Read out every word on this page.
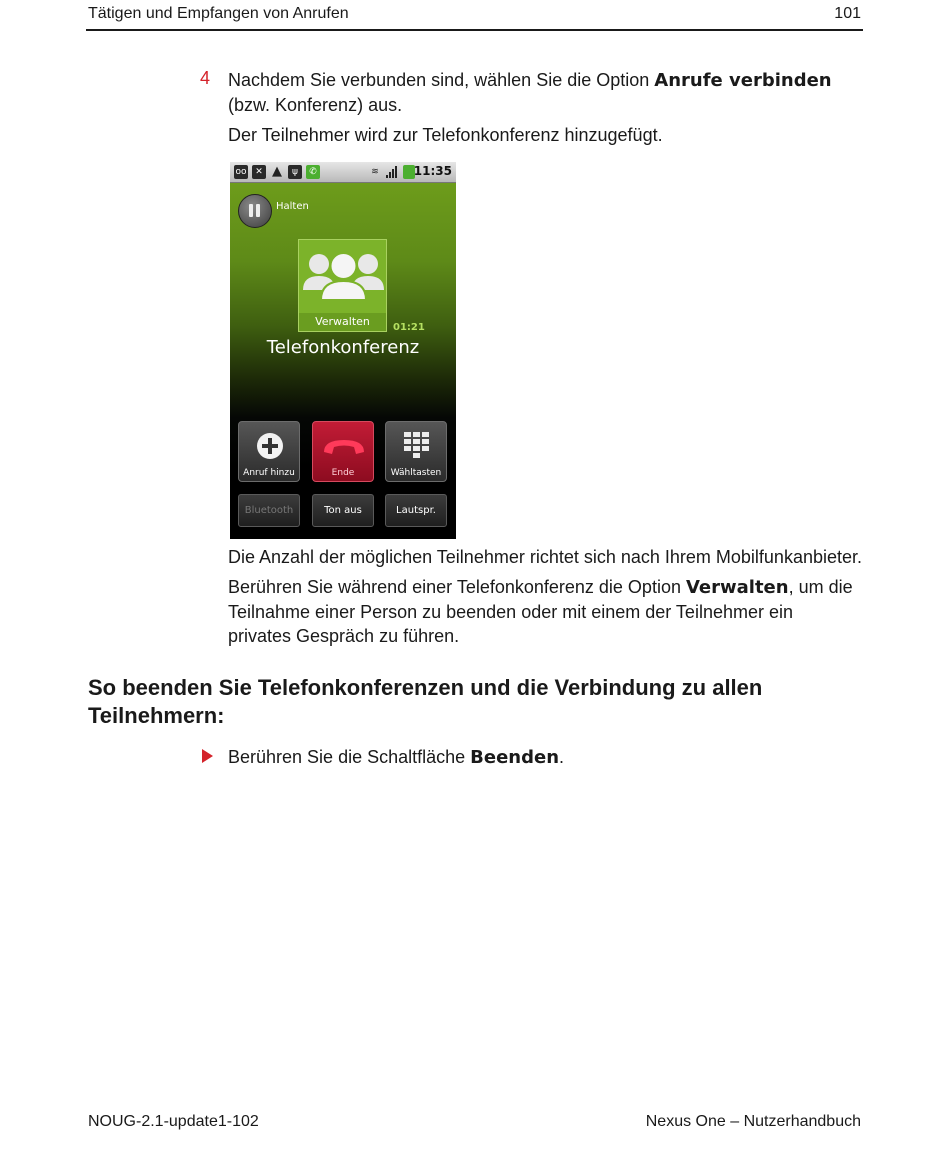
Tätigen und Empfangen von Anrufen	101
4 Nachdem Sie verbunden sind, wählen Sie die Option Anrufe verbinden (bzw. Konferenz) aus.
Der Teilnehmer wird zur Telefonkonferenz hinzugefügt.
oo ✕ ▲	ψ	✆	≋	11:35
Halten
Verwalten	01:21
Telefonkonferenz
Anruf hinzu	Ende	Wähltasten
Bluetooth	Ton aus	Lautspr.
Die Anzahl der möglichen Teilnehmer richtet sich nach Ihrem Mobilfunkanbieter.
Berühren Sie während einer Telefonkonferenz die Option Verwalten, um die Teilnahme einer Person zu beenden oder mit einem der Teilnehmer ein privates Gespräch zu führen.
So beenden Sie Telefonkonferenzen und die Verbindung zu allen Teilnehmern:
Berühren Sie die Schaltfläche Beenden.
NOUG-2.1-update1-102	Nexus One – Nutzerhandbuch
